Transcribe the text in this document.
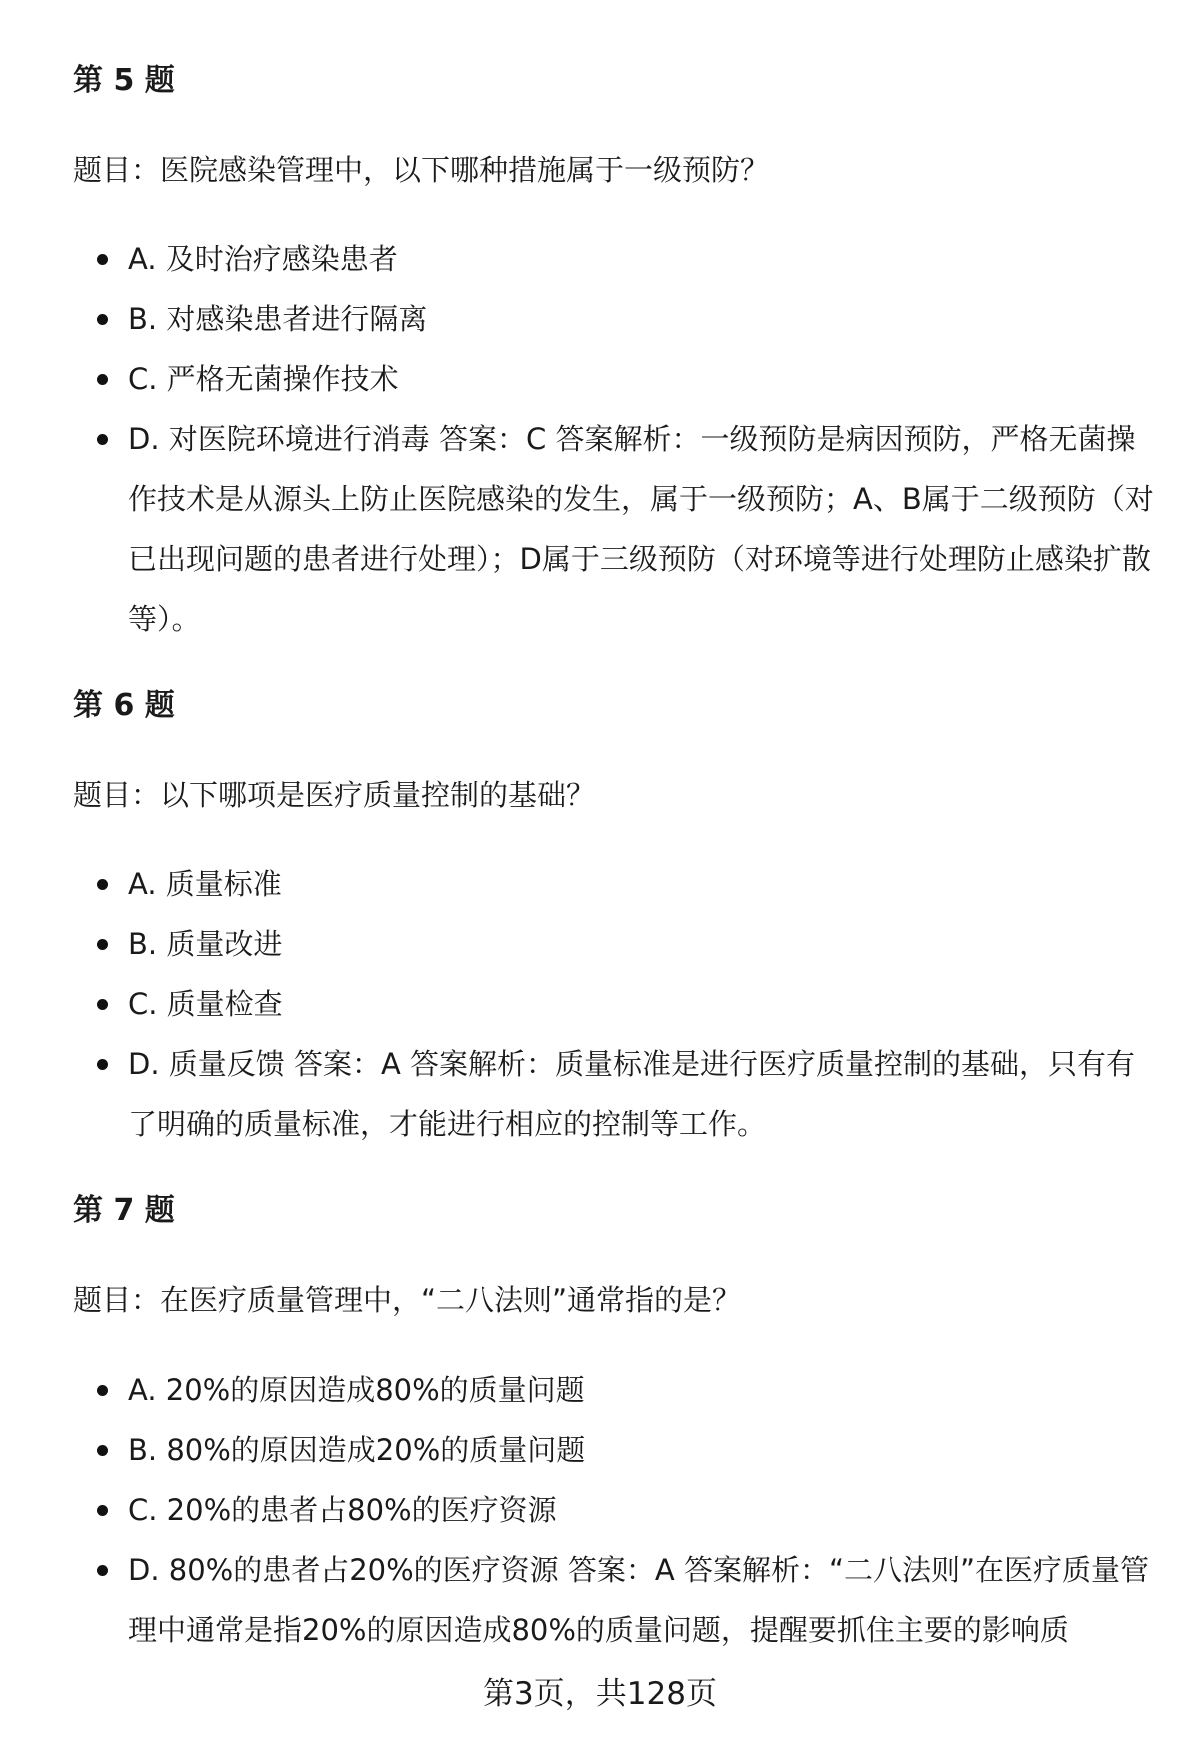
第 5 题

题目：医院感染管理中，以下哪种措施属于一级预防？

A. 及时治疗感染患者
B. 对感染患者进行隔离
C. 严格无菌操作技术
D. 对医院环境进行消毒 答案：C 答案解析：一级预防是病因预防，严格无菌操作技术是从源头上防止医院感染的发生，属于一级预防；A、B属于二级预防（对已出现问题的患者进行处理）；D属于三级预防（对环境等进行处理防止感染扩散等）。
第 6 题

题目：以下哪项是医疗质量控制的基础？

A. 质量标准
B. 质量改进
C. 质量检查
D. 质量反馈 答案：A 答案解析：质量标准是进行医疗质量控制的基础，只有有了明确的质量标准，才能进行相应的控制等工作。
第 7 题

题目：在医疗质量管理中，“二八法则”通常指的是？

A. 20%的原因造成80%的质量问题
B. 80%的原因造成20%的质量问题
C. 20%的患者占80%的医疗资源
D. 80%的患者占20%的医疗资源 答案：A 答案解析：“二八法则”在医疗质量管理中通常是指20%的原因造成80%的质量问题，提醒要抓住主要的影响质

第3页，共128页
